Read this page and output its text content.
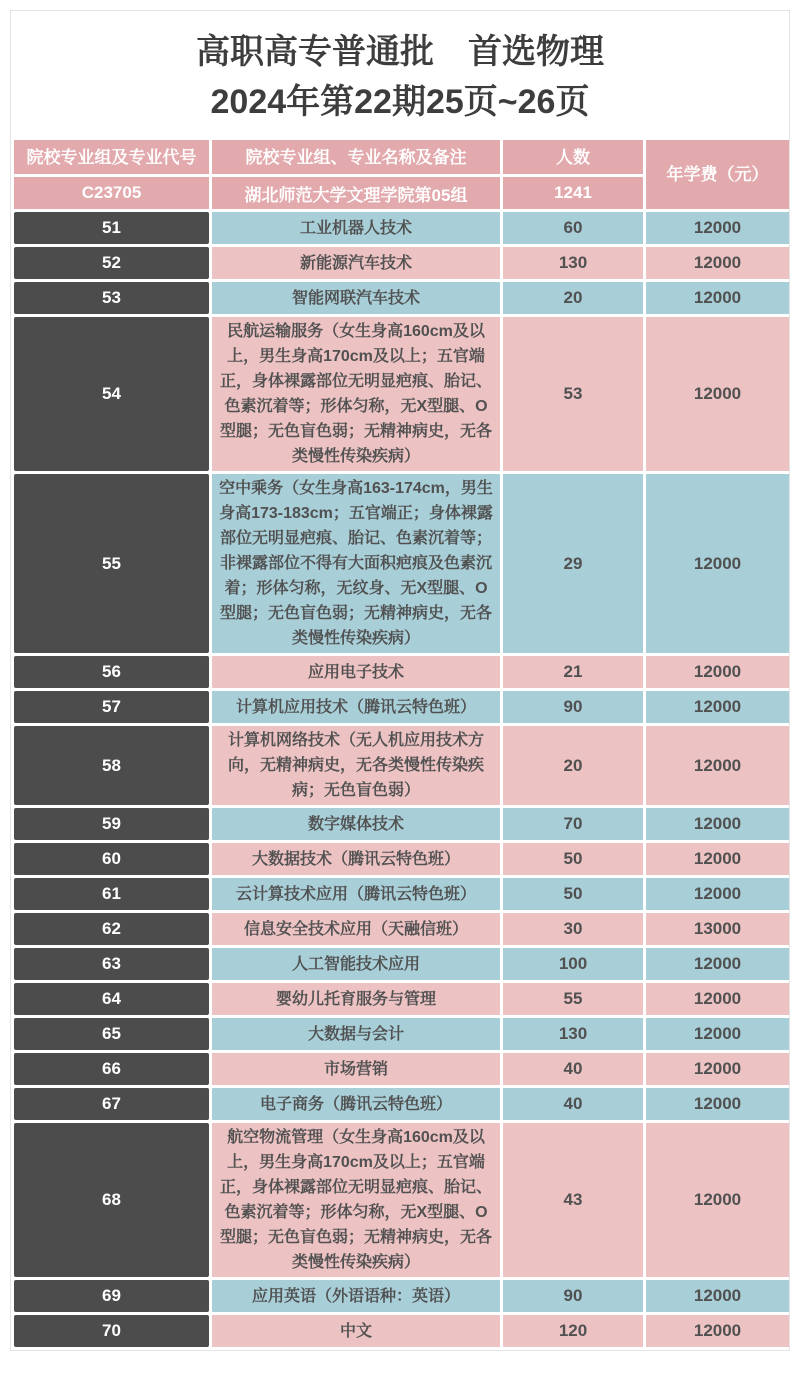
高职高专普通批　首选物理
2024年第22期25页~26页
院校专业组及专业代号	院校专业组、专业名称及备注	人数	年学费（元）
C23705	湖北师范大学文理学院第05组	1241	
51	工业机器人技术	60	12000
52	新能源汽车技术	130	12000
53	智能网联汽车技术	20	12000
54	民航运输服务（女生身高160cm及以上，男生身高170cm及以上；五官端正，身体裸露部位无明显疤痕、胎记、色素沉着等；形体匀称，无X型腿、O型腿；无色盲色弱；无精神病史，无各类慢性传染疾病）	53	12000
55	空中乘务（女生身高163-174cm，男生身高173-183cm；五官端正；身体裸露部位无明显疤痕、胎记、色素沉着等；非裸露部位不得有大面积疤痕及色素沉着；形体匀称，无纹身、无X型腿、O型腿；无色盲色弱；无精神病史，无各类慢性传染疾病）	29	12000
56	应用电子技术	21	12000
57	计算机应用技术（腾讯云特色班）	90	12000
58	计算机网络技术（无人机应用技术方向，无精神病史，无各类慢性传染疾病；无色盲色弱）	20	12000
59	数字媒体技术	70	12000
60	大数据技术（腾讯云特色班）	50	12000
61	云计算技术应用（腾讯云特色班）	50	12000
62	信息安全技术应用（天融信班）	30	13000
63	人工智能技术应用	100	12000
64	婴幼儿托育服务与管理	55	12000
65	大数据与会计	130	12000
66	市场营销	40	12000
67	电子商务（腾讯云特色班）	40	12000
68	航空物流管理（女生身高160cm及以上，男生身高170cm及以上；五官端正，身体裸露部位无明显疤痕、胎记、色素沉着等；形体匀称，无X型腿、O型腿；无色盲色弱；无精神病史，无各类慢性传染疾病）	43	12000
69	应用英语（外语语种：英语）	90	12000
70	中文	120	12000
